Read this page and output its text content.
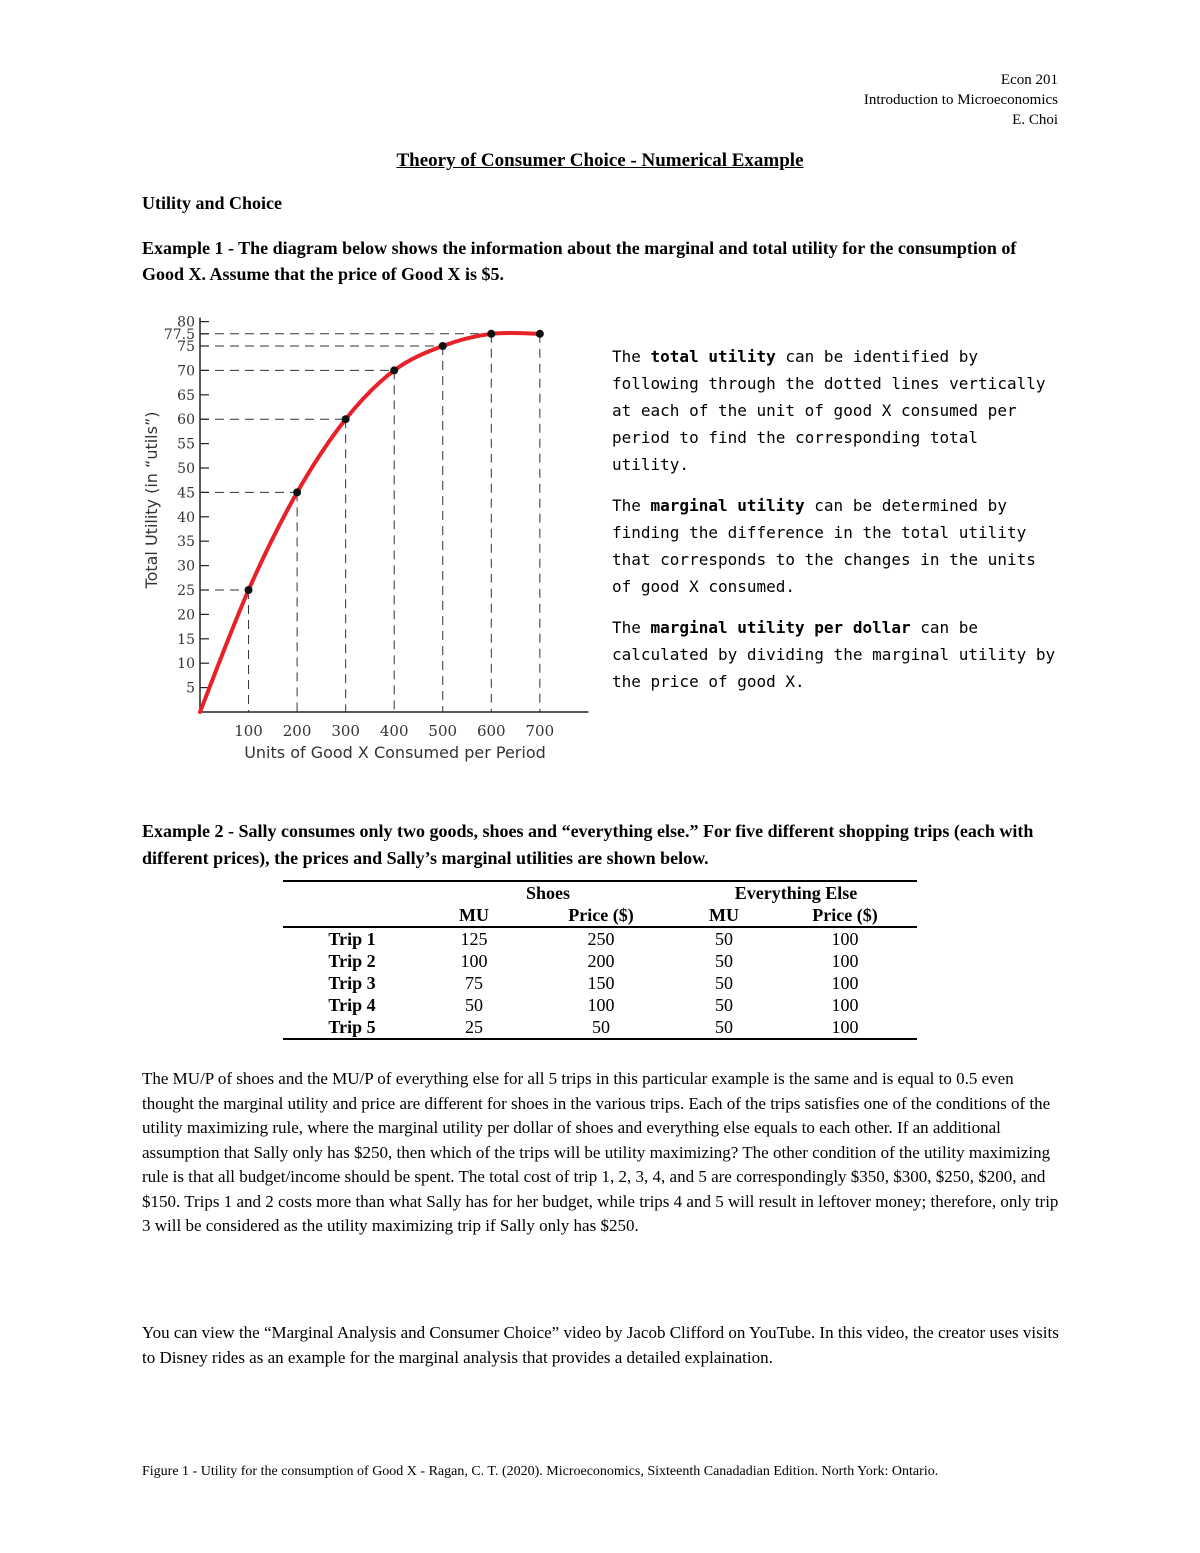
Econ 201
Introduction to Microeconomics
E. Choi
Theory of Consumer Choice - Numerical Example
Utility and Choice
Example 1 - The diagram below shows the information about the marginal and total utility for the consumption of Good X. Assume that the price of Good X is $5.
5
10
15
20
25
30
35
40
45
50
55
60
65
70
75
77.5
80
100 200 300 400 500 600 700
Units of Good X Consumed per Period
Total Utility (in “utils”)

The total utility can be identified by following through the dotted lines vertically at each of the unit of good X consumed per period to find the corresponding total utility.

The marginal utility can be determined by finding the difference in the total utility that corresponds to the changes in the units of good X consumed.

The marginal utility per dollar can be calculated by dividing the marginal utility by the price of good X.

Example 2 - Sally consumes only two goods, shoes and “everything else.” For five different shopping trips (each with different prices), the prices and Sally’s marginal utilities are shown below.
	Shoes		Everything Else	
	MU	Price ($)	MU	Price ($)
Trip 1	125	250	50	100
Trip 2	100	200	50	100
Trip 3	75	150	50	100
Trip 4	50	100	50	100
Trip 5	25	50	50	100
The MU/P of shoes and the MU/P of everything else for all 5 trips in this particular example is the same and is equal to 0.5 even thought the marginal utility and price are different for shoes in the various trips. Each of the trips satisfies one of the conditions of the utility maximizing rule, where the marginal utility per dollar of shoes and everything else equals to each other. If an additional assumption that Sally only has $250, then which of the trips will be utility maximizing? The other condition of the utility maximizing rule is that all budget/income should be spent. The total cost of trip 1, 2, 3, 4, and 5 are correspondingly $350, $300, $250, $200, and $150. Trips 1 and 2 costs more than what Sally has for her budget, while trips 4 and 5 will result in leftover money; therefore, only trip 3 will be considered as the utility maximizing trip if Sally only has $250.
You can view the “Marginal Analysis and Consumer Choice” video by Jacob Clifford on YouTube. In this video, the creator uses visits to Disney rides as an example for the marginal analysis that provides a detailed explaination.
Figure 1 - Utility for the consumption of Good X - Ragan, C. T. (2020). Microeconomics, Sixteenth Canadadian Edition. North York: Ontario.
